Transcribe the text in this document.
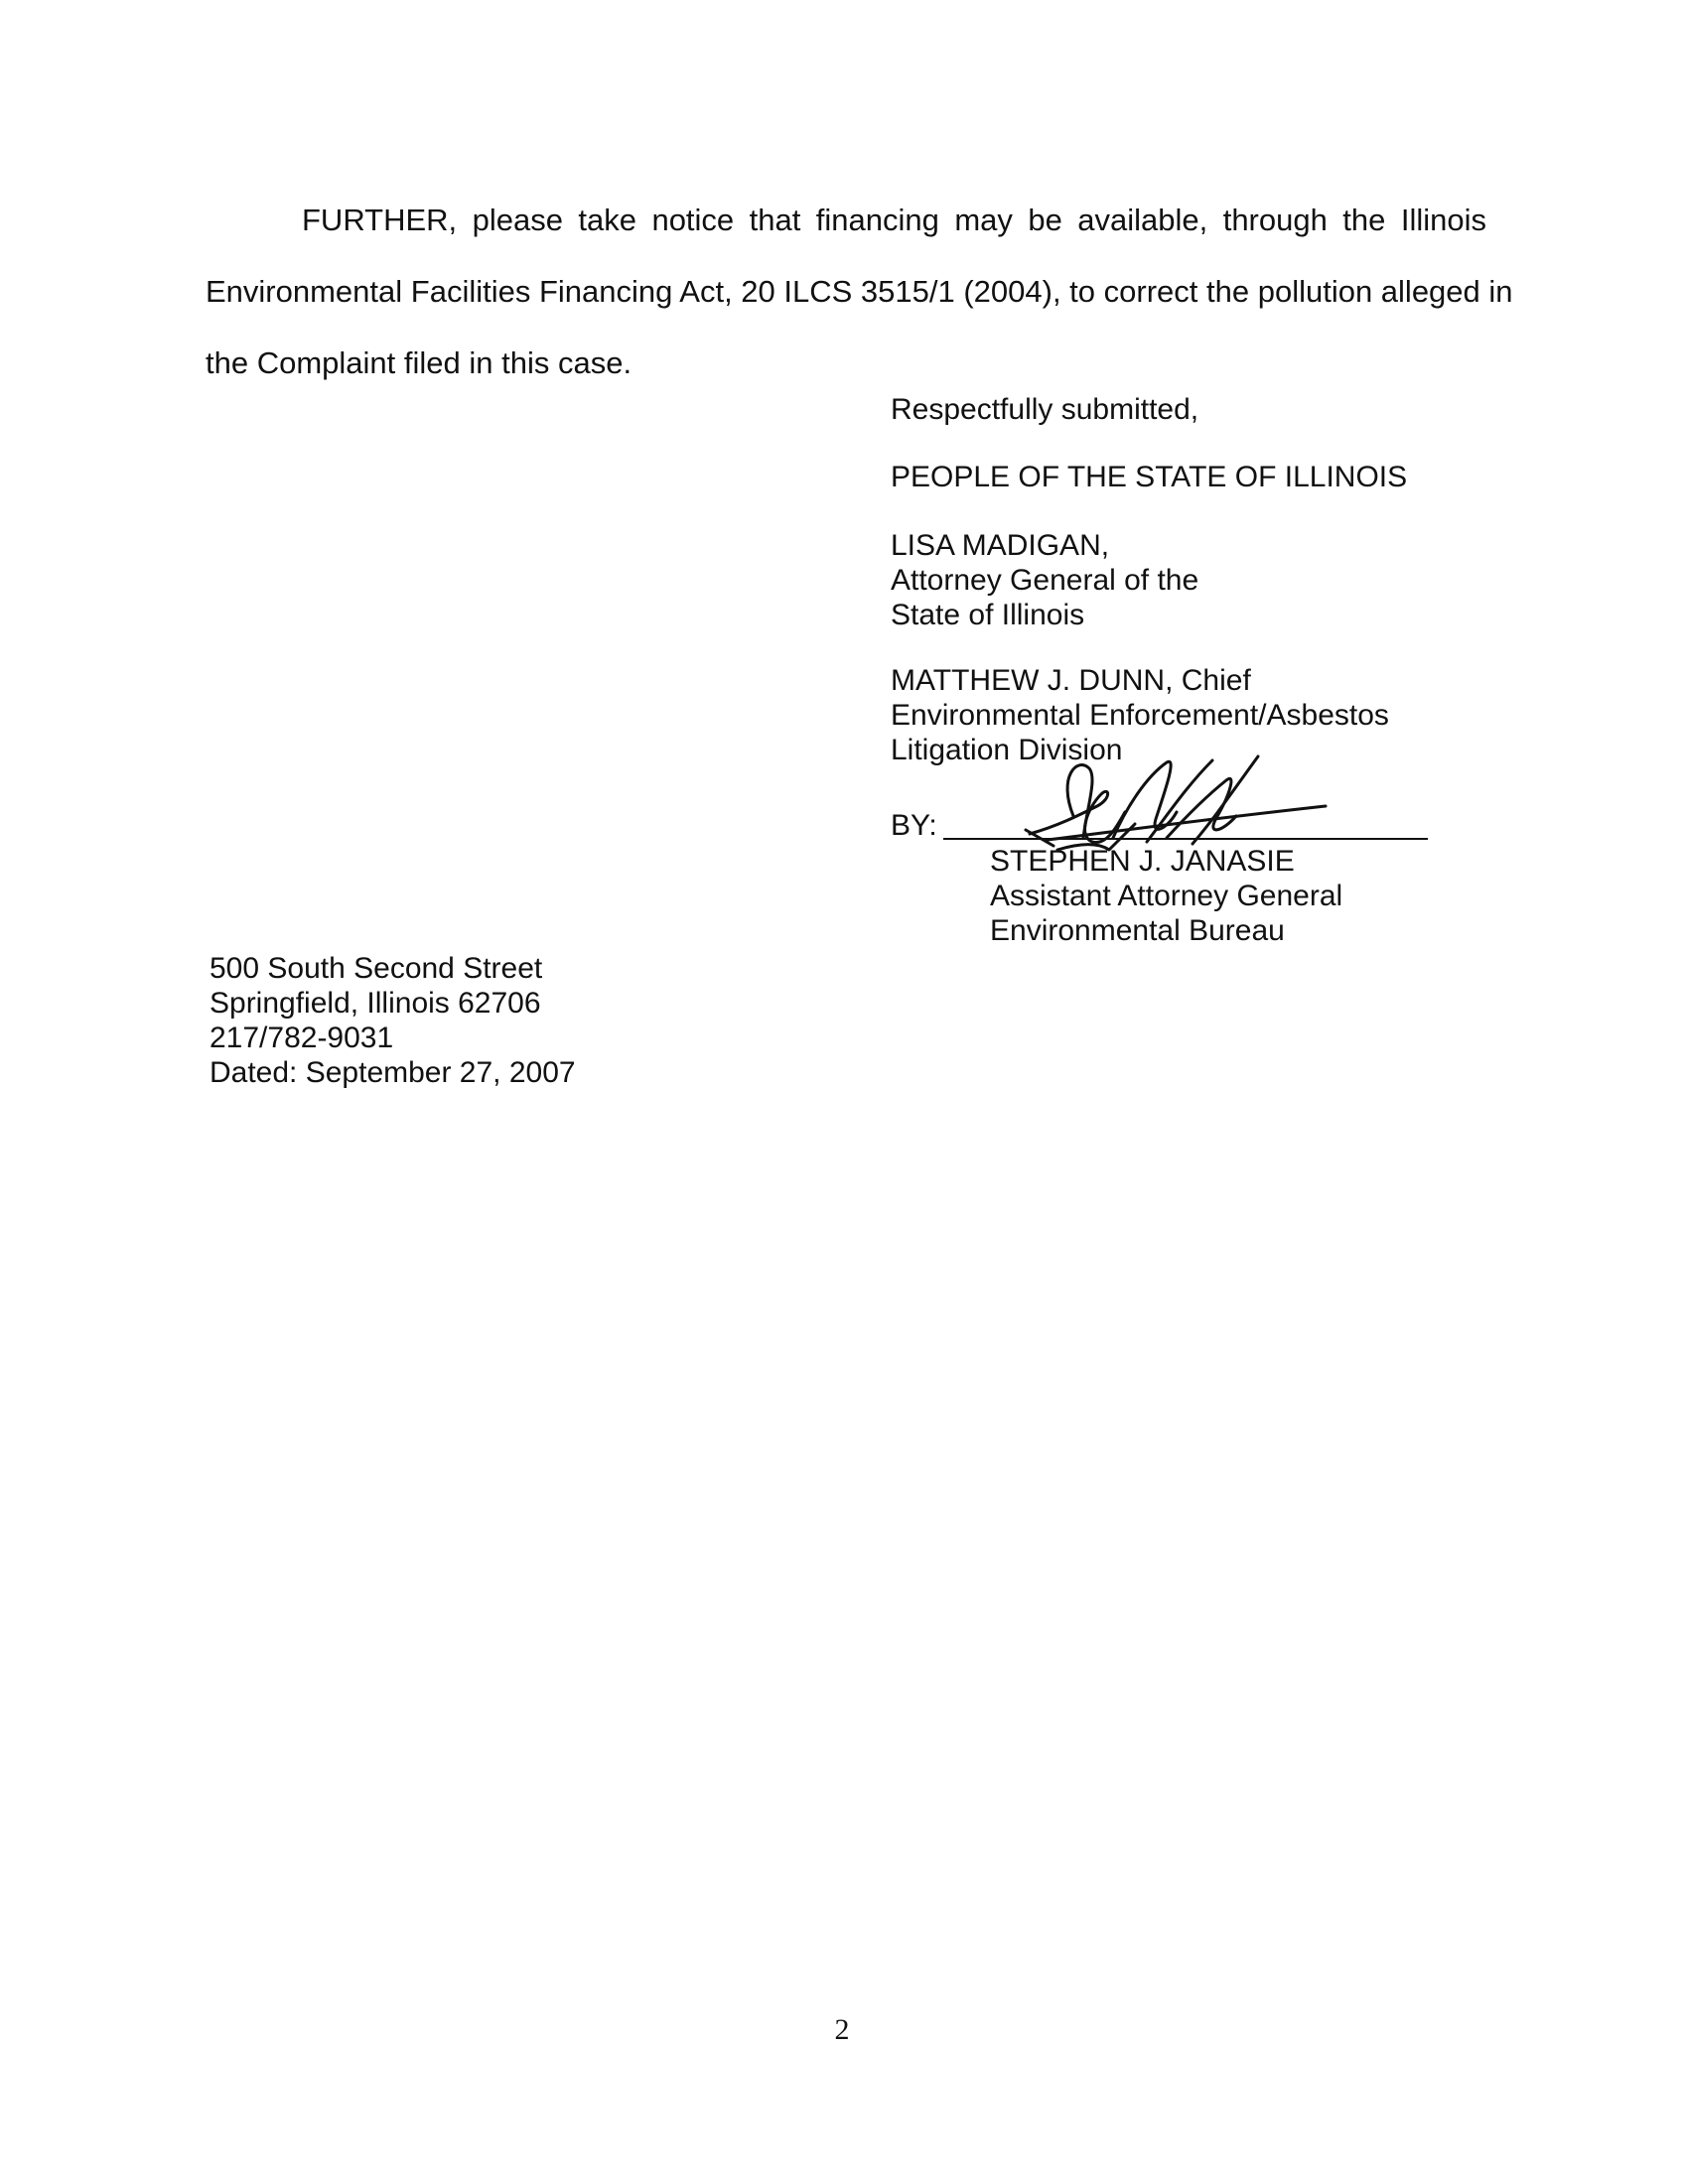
FURTHER, please take notice that financing may be available, through the Illinois
Environmental Facilities Financing Act, 20 ILCS 3515/1 (2004), to correct the pollution alleged in
the Complaint filed in this case.
Respectfully submitted,
PEOPLE OF THE STATE OF ILLINOIS
LISA MADIGAN,
Attorney General of the
State of Illinois
MATTHEW J. DUNN, Chief
Environmental Enforcement/Asbestos
Litigation Division
BY:
STEPHEN J. JANASIE
Assistant Attorney General
Environmental Bureau
500 South Second Street
Springfield, Illinois 62706
217/782-9031
Dated: September 27, 2007
2
